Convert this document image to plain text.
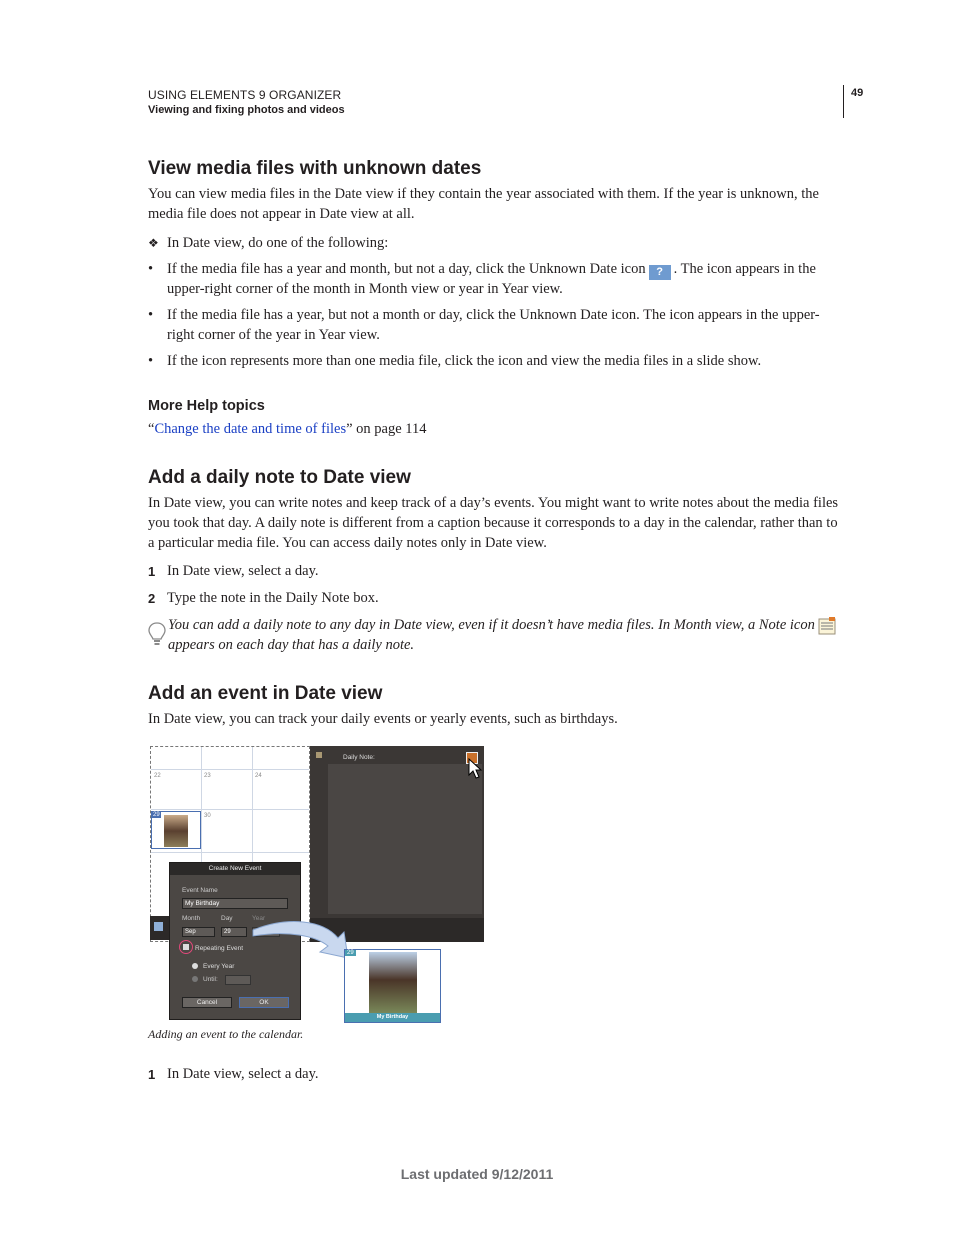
USING ELEMENTS 9 ORGANIZER
Viewing and fixing photos and videos
49
View media files with unknown dates

You can view media files in the Date view if they contain the year associated with them. If the year is unknown, the media file does not appear in Date view at all.

❖ In Date view, do one of the following:
• If the media file has a year and month, but not a day, click the Unknown Date icon ? . The icon appears in the upper-right corner of the month in Month view or year in Year view.
• If the media file has a year, but not a month or day, click the Unknown Date icon. The icon appears in the upper-right corner of the year in Year view.
• If the icon represents more than one media file, click the icon and view the media files in a slide show.
More Help topics
“Change the date and time of files” on page 114
Add a daily note to Date view

In Date view, you can write notes and keep track of a day’s events. You might want to write notes about the media files you took that day. A daily note is different from a caption because it corresponds to a day in the calendar, rather than to a particular media file. You can access daily notes only in Date view.

1 In Date view, select a day.
2 Type the note in the Daily Note box.
You can add a daily note to any day in Date view, even if it doesn’t have media files. In Month view, a Note icon appears on each day that has a daily note.
Add an event in Date view

In Date view, you can track your daily events or yearly events, such as birthdays.

22	23	24
29	30
Daily Note:
Create New Event
Event Name
My Birthday
Month	Day	Year
Sep	29
Repeating Event
Every Year
Until:
Cancel	OK
29
My Birthday
Adding an event to the calendar.
1 In Date view, select a day.
Last updated 9/12/2011
